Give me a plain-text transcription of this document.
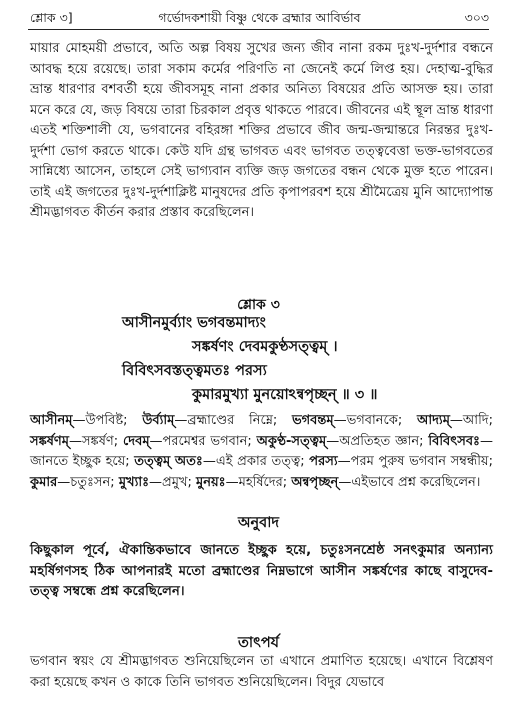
শ্লোক ৩]	গর্ভোদকশায়ী বিষ্ণু থেকে ব্রহ্মার আবির্ভাব	৩০৩
মায়ার মোহময়ী প্রভাবে, অতি অল্প বিষয় সুখের জন্য জীব নানা রকম দুঃখ-দুর্দশার বন্ধনে আবদ্ধ হয়ে রয়েছে। তারা সকাম কর্মের পরিণতি না জেনেই কর্মে লিপ্ত হয়। দেহাত্ম-বুদ্ধির ভ্রান্ত ধারণার বশবর্তী হয়ে জীবসমূহ নানা প্রকার অনিত্য বিষয়ের প্রতি আসক্ত হয়। তারা মনে করে যে, জড় বিষয়ে তারা চিরকাল প্রবৃত্ত থাকতে পারবে। জীবনের এই স্থূল ভ্রান্ত ধারণা এতই শক্তিশালী যে, ভগবানের বহিরঙ্গা শক্তির প্রভাবে জীব জন্ম-জন্মান্তরে নিরন্তর দুঃখ-দুর্দশা ভোগ করতে থাকে। কেউ যদি গ্রন্থ ভাগবত এবং ভাগবত তত্ত্ববেত্তা ভক্ত-ভাগবতের সান্নিধ্যে আসেন, তাহলে সেই ভাগ্যবান ব্যক্তি জড় জগতের বন্ধন থেকে মুক্ত হতে পারেন। তাই এই জগতের দুঃখ-দুর্দশাক্লিষ্ট মানুষদের প্রতি কৃপাপরবশ হয়ে শ্রীমৈত্রেয় মুনি আদ্যোপান্ত শ্রীমদ্ভাগবত কীর্তন করার প্রস্তাব করেছিলেন।
শ্লোক ৩
আসীনমুর্ব্যাং ভগবন্তমাদ্যং
সঙ্কর্ষণং দেবমকুণ্ঠসত্ত্বম্ ।
বিবিৎসবস্তত্ত্বমতঃ পরস্য
কুমারমুখ্যা মুনয়োঽন্বপৃচ্ছন্ ॥ ৩ ॥
আসীনম্—উপবিষ্ট; উর্ব্যাম্—ব্রহ্মাণ্ডের নিম্নে; ভগবন্তম্—ভগবানকে; আদ্যম্—আদি; সঙ্কর্ষণম্—সঙ্কর্ষণ; দেবম্—পরমেশ্বর ভগবান; অকুণ্ঠ-সত্ত্বম্—অপ্রতিহত জ্ঞান; বিবিৎসবঃ—জানতে ইচ্ছুক হয়ে; তত্ত্বম্ অতঃ—এই প্রকার তত্ত্ব; পরস্য—পরম পুরুষ ভগবান সম্বন্ধীয়; কুমার—চতুঃসন; মুখ্যাঃ—প্রমুখ; মুনয়ঃ—মহর্ষিদের; অন্বপৃচ্ছন্—এইভাবে প্রশ্ন করেছিলেন।
অনুবাদ
কিছুকাল পূর্বে, ঐকান্তিকভাবে জানতে ইচ্ছুক হয়ে, চতুঃসনশ্রেষ্ঠ সনৎকুমার অন্যান্য মহর্ষিগণসহ ঠিক আপনারই মতো ব্রহ্মাণ্ডের নিম্নভাগে আসীন সঙ্কর্ষণের কাছে বাসুদেব-তত্ত্ব সম্বন্ধে প্রশ্ন করেছিলেন।
তাৎপর্য
ভগবান স্বয়ং যে শ্রীমদ্ভাগবত শুনিয়েছিলেন তা এখানে প্রমাণিত হয়েছে। এখানে বিশ্লেষণ করা হয়েছে কখন ও কাকে তিনি ভাগবত শুনিয়েছিলেন। বিদুর যেভাবে
